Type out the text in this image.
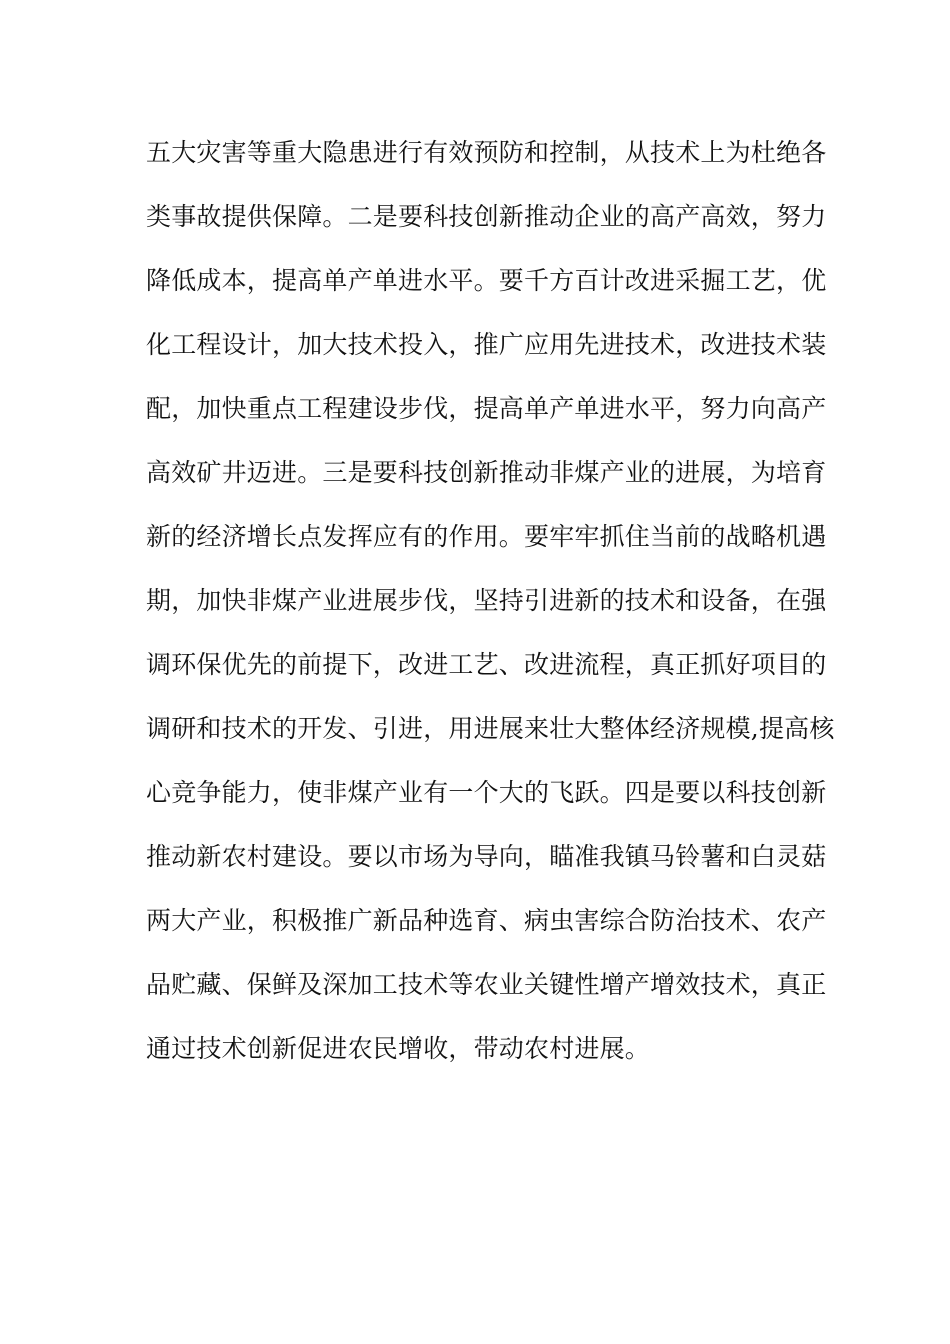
五大灾害等重大隐患进行有效预防和控制，从技术上为杜绝各
类事故提供保障。二是要科技创新推动企业的高产高效，努力
降低成本，提高单产单进水平。要千方百计改进采掘工艺，优
化工程设计，加大技术投入，推广应用先进技术，改进技术装
配，加快重点工程建设步伐，提高单产单进水平，努力向高产
高效矿井迈进。三是要科技创新推动非煤产业的进展，为培育
新的经济增长点发挥应有的作用。要牢牢抓住当前的战略机遇
期，加快非煤产业进展步伐，坚持引进新的技术和设备，在强
调环保优先的前提下，改进工艺、改进流程，真正抓好项目的
调研和技术的开发、引进，用进展来壮大整体经济规模,提高核
心竞争能力，使非煤产业有一个大的飞跃。四是要以科技创新
推动新农村建设。要以市场为导向，瞄准我镇马铃薯和白灵菇
两大产业，积极推广新品种选育、病虫害综合防治技术、农产
品贮藏、保鲜及深加工技术等农业关键性增产增效技术，真正
通过技术创新促进农民增收，带动农村进展。
